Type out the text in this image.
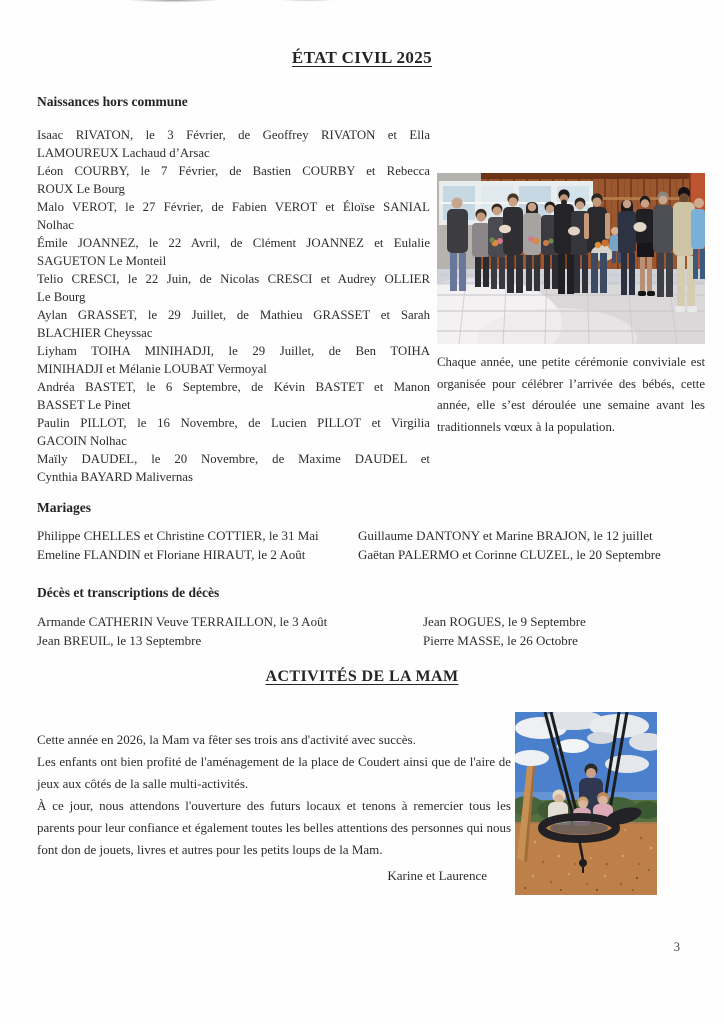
ÉTAT CIVIL 2025
Naissances hors commune
Isaac RIVATON, le 3 Février, de Geoffrey RIVATON et Ella
LAMOUREUX Lachaud d’Arsac
Léon COURBY, le 7 Février, de Bastien COURBY et Rebecca
ROUX Le Bourg
Malo VEROT, le 27 Février, de Fabien VEROT et Éloïse SANIAL
Nolhac
Émile JOANNEZ, le 22 Avril, de Clément JOANNEZ et Eulalie
SAGUETON Le Monteil
Telio CRESCI, le 22 Juin, de Nicolas CRESCI et Audrey OLLIER
Le Bourg
Aylan GRASSET, le 29 Juillet, de Mathieu GRASSET et Sarah
BLACHIER Cheyssac
Liyham TOIHA MINIHADJI, le 29 Juillet, de Ben TOIHA
MINIHADJI et Mélanie LOUBAT Vermoyal
Andréa BASTET, le 6 Septembre, de Kévin BASTET et Manon
BASSET Le Pinet
Paulin PILLOT, le 16 Novembre, de Lucien PILLOT et Virgilia
GACOIN Nolhac
Maïly DAUDEL, le 20 Novembre, de Maxime DAUDEL et
Cynthia BAYARD Malivernas

Chaque année, une petite cérémonie conviviale est organisée pour célébrer l’arrivée des bébés, cette année, elle s’est déroulée une semaine avant les traditionnels vœux à la population.

Mariages
Philippe CHELLES et Christine COTTIER, le 31 Mai
Emeline FLANDIN et Floriane HIRAUT, le 2 Août
Guillaume DANTONY et Marine BRAJON, le 12 juillet
Gaëtan PALERMO et Corinne CLUZEL, le 20 Septembre
Décès et transcriptions de décès
Armande CATHERIN Veuve TERRAILLON, le 3 Août
Jean BREUIL, le 13 Septembre
Jean ROGUES, le 9 Septembre
Pierre MASSE, le 26 Octobre
ACTIVITÉS DE LA MAM

Cette année en 2026, la Mam va fêter ses trois ans d'activité avec succès.

Les enfants ont bien profité de l'aménagement de la place de Coudert ainsi que de l'aire de jeux aux côtés de la salle multi-activités.

À ce jour, nous attendons l'ouverture des futurs locaux et tenons à remercier tous les parents pour leur confiance et également toutes les belles attentions des personnes qui nous font don de jouets, livres et autres pour les petits loups de la Mam.

Karine et Laurence
3
